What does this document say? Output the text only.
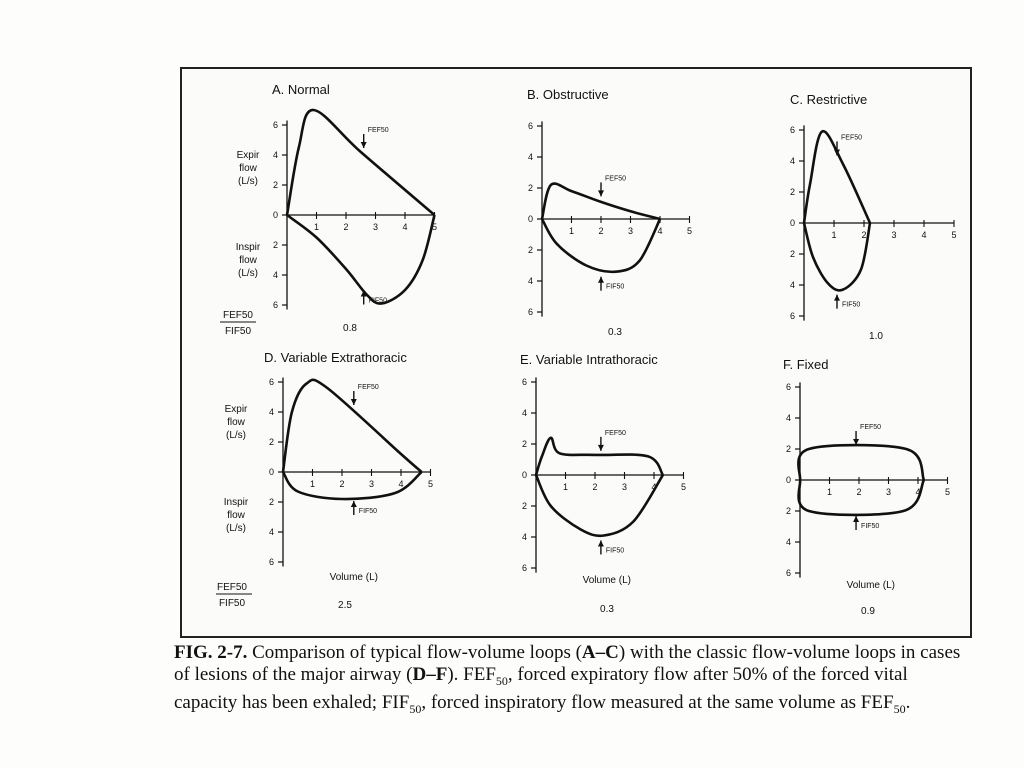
A. Normal
0
2
4
6
2
4
6
1	2	3	4	5
FEF50
FIF50
0.8
B. Obstructive
0
2
4
6
2
4
6
1	2	3	4	5
FEF50
FIF50
0.3
C. Restrictive
0
2
4
6
2
4
6
1	2	3	4	5
FEF50
FIF50
1.0
D. Variable Extrathoracic
0
2
4
6
2
4
6
1	2	3	4	5
FEF50
FIF50
2.5
Volume (L)
E. Variable Intrathoracic
0
2
4
6
2
4
6
1	2	3	4	5
FEF50
FIF50
0.3
Volume (L)
F. Fixed
0
2
4
6
2
4
6
1	2	3	4	5
FEF50
FIF50
0.9
Volume (L)
Expir
flow
(L/s)
Inspir
flow
(L/s)
FEF50
FIF50
Expir
flow
(L/s)
Inspir
flow
(L/s)
FEF50
FIF50
FIG. 2-7. Comparison of typical flow-volume loops (A–C) with the classic flow-volume loops in cases of lesions of the major airway (D–F). $FEF_{50}$, forced expiratory flow after 50% of the forced vital capacity has been exhaled; $FIF_{50}$, forced inspiratory flow measured at the same volume as $FEF_{50}$.
